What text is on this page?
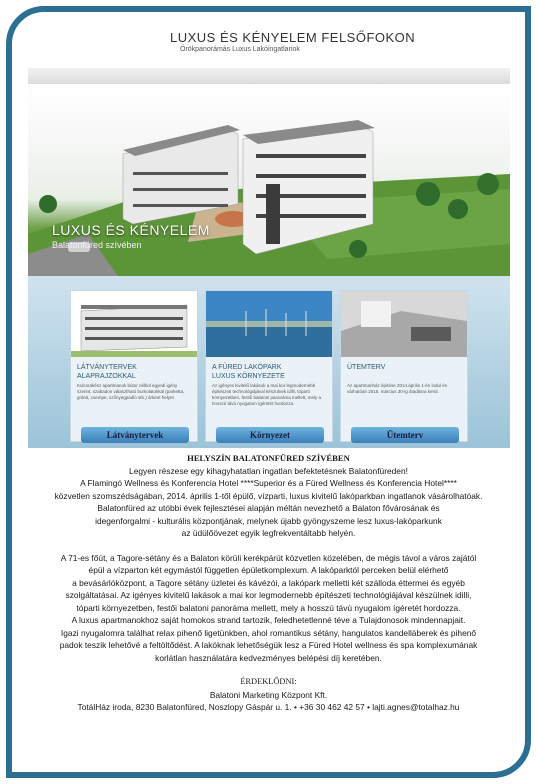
LUXUS ÉS KÉNYELEM FELSŐFOKON
Örökpanorámás Luxus Lakóingatlanok
LUXUS ÉS KÉNYELEM
Balatonfüred szívében
LÁTVÁNYTERVEK
ALAPRAJZOKKAL
Kulcsrakész apartmanok bútor nélkül egyedi igény szerint, szabadon választható burkolatokkal (parketta, gránit, csempe, szőnyegpadló stb.) árként helyet.
Látványtervek
A FÜRED LAKÓPARK
LUXUS KÖRNYEZETE
Az igényes kivitelű lakások a mai kor legmodernebb építészeti technológiájával készülnek idilli, tóparti környezetben, festői balatoni panoráma mellett, mely a hosszú távú nyugalom ígéretét hordozza.
Környezet
ÜTEMTERV
Az apartmanház építése 2014.április 1-én indul és várhatóan 2015. március 30-ig átadásra kerül.
Ütemterv

HELYSZÍN BALATONFÜRED SZÍVÉBEN

Legyen részese egy kihagyhatatlan ingatlan befektetésnek Balatonfüreden!

A Flamingó Wellness és Konferencia Hotel ****Superior és a Füred Wellness és Konferencia Hotel****

közvetlen szomszédságában, 2014. április 1-től épülő, vízparti, luxus kivitelű lakóparkban ingatlanok vásárolhatóak.

Balatonfüred az utóbbi évek fejlesztései alapján méltán nevezhető a Balaton fővárosának és

idegenforgalmi - kulturális központjának, melynek újabb gyöngyszeme lesz luxus-lakóparkunk

az üdülőövezet egyik legfrekventáltabb helyén.

A 71-es főút, a Tagore-sétány és a Balaton körüli kerékpárút közvetlen közelében, de mégis távol a város zajától

épül a vízparton két egymástól független épületkomplexum. A lakóparktól perceken belül elérhető

a bevásárlóközpont, a Tagore sétány üzletei és kávézói, a lakópark melletti két szálloda éttermei és egyéb

szolgáltatásai. Az igényes kivitelű lakások a mai kor legmodernebb építészeti technológiájával készülnek idilli,

tóparti környezetben, festői balatoni panoráma mellett, mely a hosszú távú nyugalom ígéretét hordozza.

A luxus apartmanokhoz saját homokos strand tartozik, feledhetetlenné téve a Tulajdonosok mindennapjait.

Igazi nyugalomra találhat relax pihenő ligetünkben, ahol romantikus sétány, hangulatos kandelláberek és pihenő

padok teszik lehetővé a feltöltődést. A lakóknak lehetőségük lesz a Füred Hotel wellness és spa komplexumának

korlátlan használatára kedvezményes belépési díj keretében.

ÉRDEKLŐDNI:

Balatoni Marketing Központ Kft.

TotálHáz iroda, 8230 Balatonfüred, Noszlopy Gáspár u. 1. • +36 30 462 42 57 • lajti.agnes@totalhaz.hu
